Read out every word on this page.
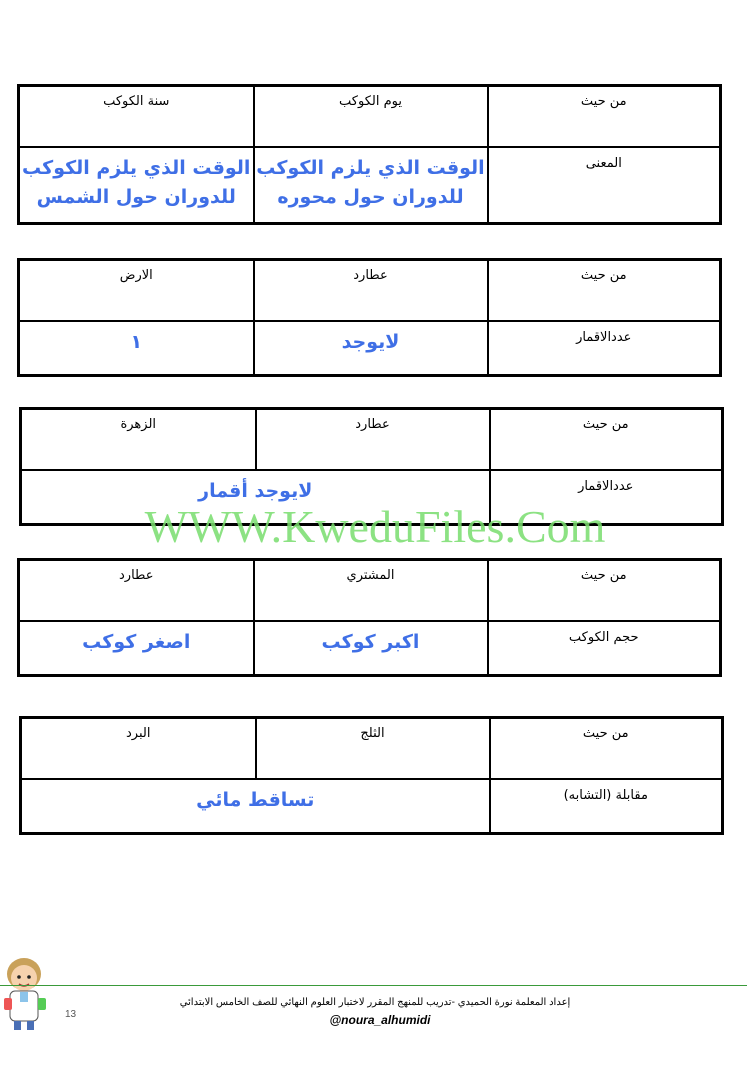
من حيث	يوم الكوكب	سنة الكوكب
المعنى	الوقت الذي يلزم الكوكب للدوران حول محوره	الوقت الذي يلزم الكوكب للدوران حول الشمس
من حيث	عطارد	الارض
عددالاقمار	لايوجد	١
من حيث	عطارد	الزهرة
عددالاقمار	لايوجد أقمار	
من حيث	المشتري	عطارد
حجم الكوكب	اكبر كوكب	اصغر كوكب
من حيث	الثلج	البرد
مقابلة (التشابه)	تساقط مائي	
WWW.KweduFiles.Com
13
إعداد المعلمة نورة الحميدي -تدريب للمنهج المقرر لاختبار العلوم النهائي للصف الخامس الابتدائي
@noura_alhumidi
